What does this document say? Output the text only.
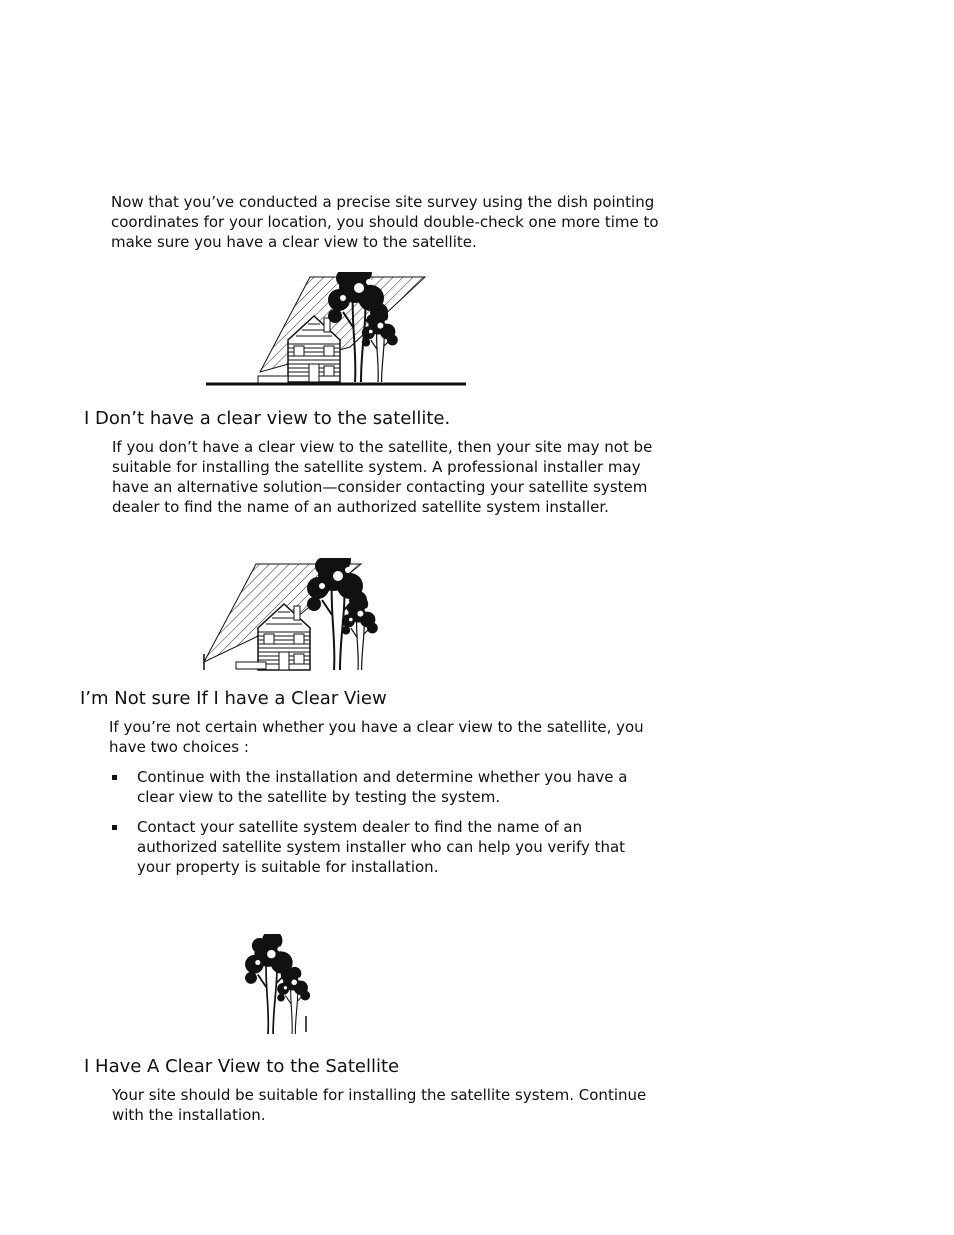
Now that you’ve conducted a precise site survey using the dish pointing coordinates for your location, you should double-check one more time to make sure you have a clear view to the satellite.

I Don’t have a clear view to the satellite.

If you don’t have a clear view to the satellite, then your site may not be suitable for installing the satellite system. A professional installer may have an alternative solution—consider contacting your satellite system dealer to find the name of an authorized satellite system installer.

I’m Not sure If I have a Clear View

If you’re not certain whether you have a clear view to the satellite, you have two choices :

Continue with the installation and determine whether you have a clear view to the satellite by testing the system.
Contact your satellite system dealer to find the name of an authorized satellite system installer who can help you verify that your property is suitable for installation.
I Have A Clear View to the Satellite

Your site should be suitable for installing the satellite system. Continue with the installation.
